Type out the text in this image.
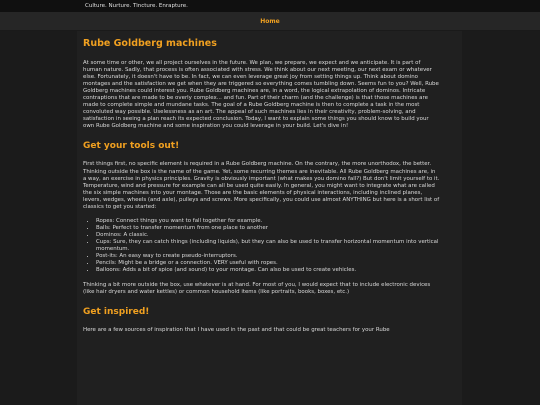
Culture. Nurture. Tincture. Enrapture.
Home
Rube Goldberg machines

At some time or other, we all project ourselves in the future. We plan, we prepare, we expect and we anticipate. It is part of human nature. Sadly, that process is often associated with stress. We think about our next meeting, our next exam or whatever else. Fortunately, it doesn't have to be. In fact, we can even leverage great joy from setting things up. Think about domino montages and the satisfaction we get when they are triggered so everything comes tumbling down. Seems fun to you? Well, Rube Goldberg machines could interest you. Rube Goldberg machines are, in a word, the logical extrapolation of dominos. Intricate contraptions that are made to be overly complex... and fun. Part of their charm (and the challenge) is that those machines are made to complete simple and mundane tasks. The goal of a Rube Goldberg machine is then to complete a task in the most convoluted way possible. Uselessness as an art. The appeal of such machines lies in their creativity, problem-solving, and satisfaction in seeing a plan reach its expected conclusion. Today, I want to explain some things you should know to build your own Rube Goldberg machine and some inspiration you could leverage in your build. Let's dive in!

Get your tools out!

First things first, no specific element is required in a Rube Goldberg machine. On the contrary, the more unorthodox, the better. Thinking outside the box is the name of the game. Yet, some recurring themes are inevitable. All Rube Goldberg machines are, in a way, an exercise in physics principles. Gravity is obviously important (what makes you domino fall?) But don't limit yourself to it. Temperature, wind and pressure for example can all be used quite easily. In general, you might want to integrate what are called the six simple machines into your montage. Those are the basic elements of physical interactions, including inclined planes, levers, wedges, wheels (and axle), pulleys and screws. More specifically, you could use almost ANYTHING but here is a short list of classics to get you started:

• Ropes: Connect things you want to fall together for example.
• Balls: Perfect to transfer momentum from one place to another
• Dominos: A classic.
• Cups: Sure, they can catch things (including liquids), but they can also be used to transfer horizontal momentum into vertical momentum.
• Post-its: An easy way to create pseudo-interruptors.
• Pencils: Might be a bridge or a connection. VERY useful with ropes.
• Balloons: Adds a bit of spice (and sound) to your montage. Can also be used to create vehicles.

Thinking a bit more outside the box, use whatever is at hand. For most of you, I would expect that to include electronic devices (like hair dryers and water kettles) or common household items (like portraits, books, boxes, etc.)

Get inspired!

Here are a few sources of inspiration that I have used in the past and that could be great teachers for your Rube
